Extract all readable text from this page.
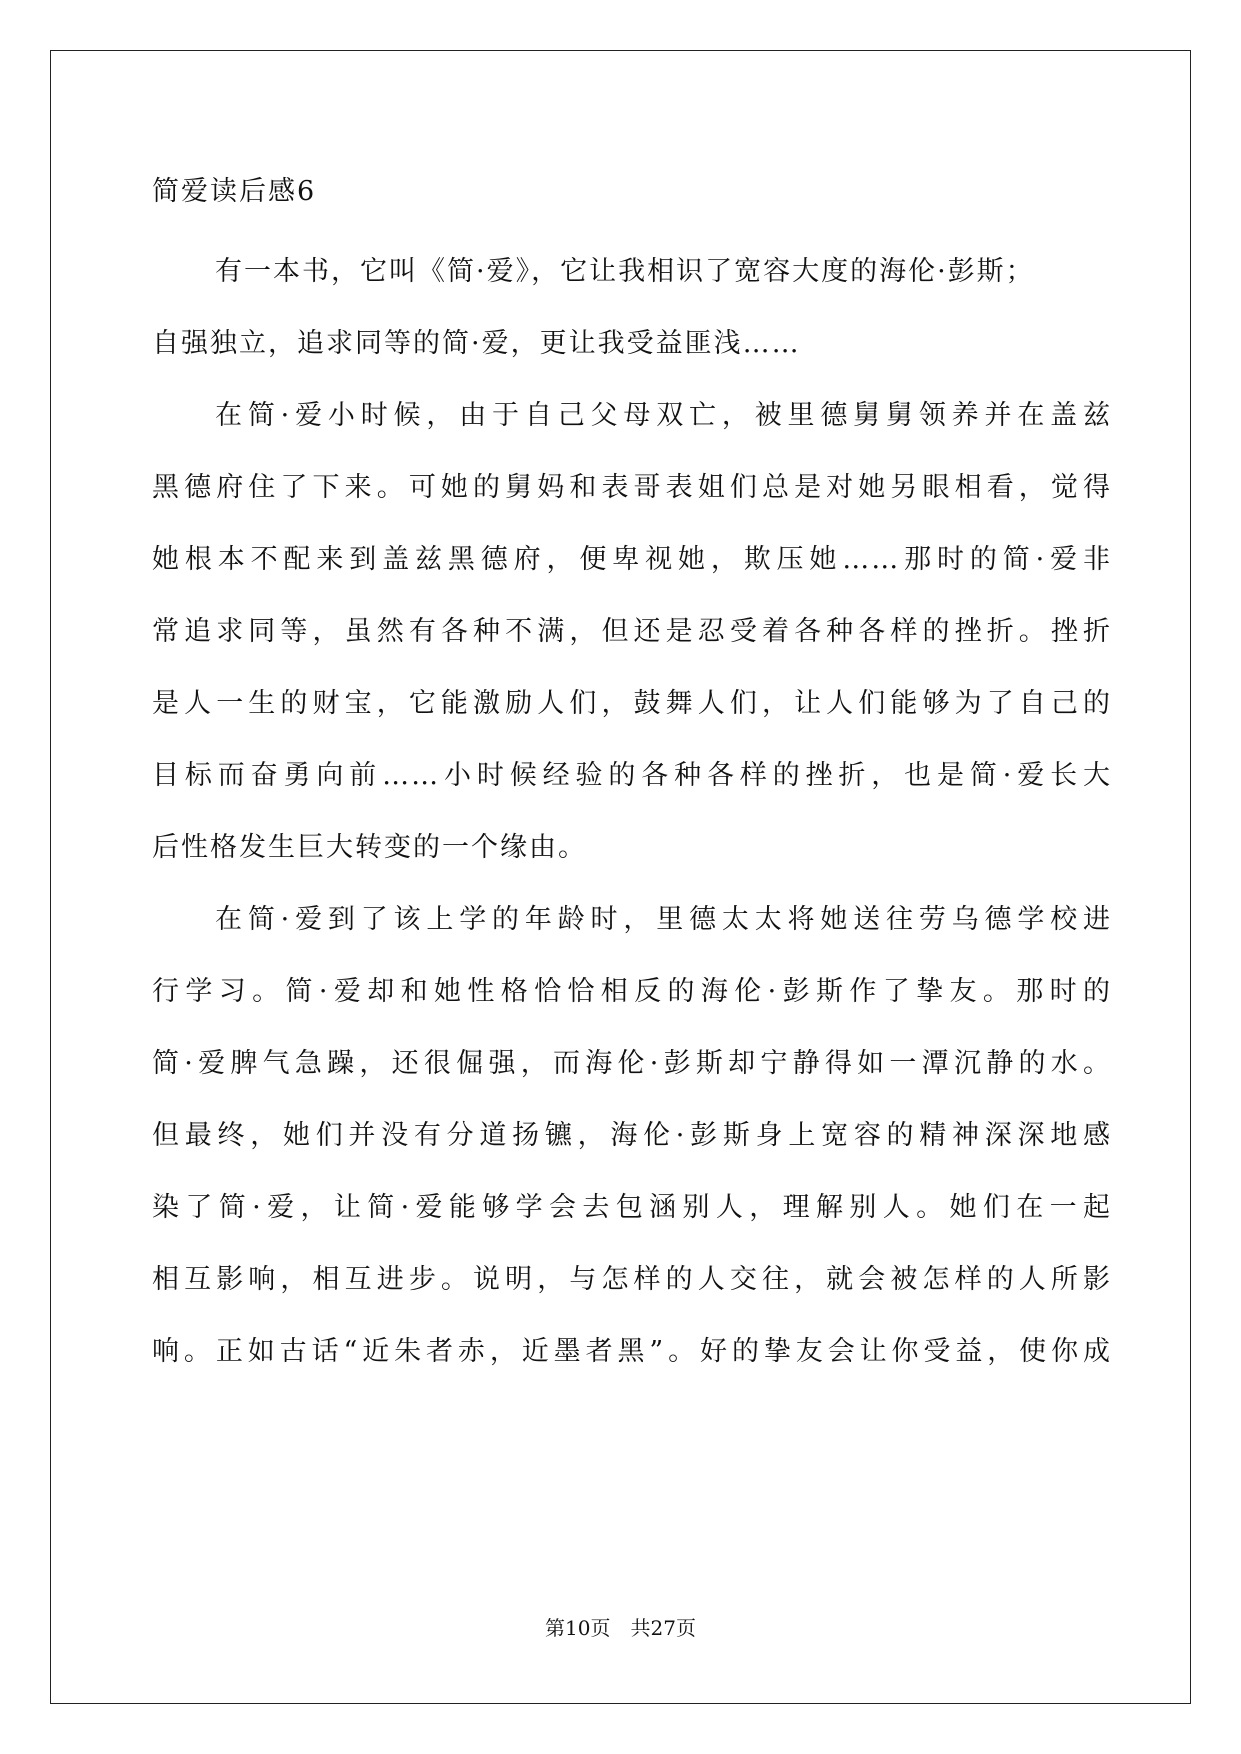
简爱读后感6
有一本书，它叫《简·爱》，它让我相识了宽容大度的海伦·彭斯；
自强独立，追求同等的简·爱，更让我受益匪浅……
在简·爱小时候，由于自己父母双亡，被里德舅舅领养并在盖兹
黑德府住了下来。可她的舅妈和表哥表姐们总是对她另眼相看，觉得
她根本不配来到盖兹黑德府，便卑视她，欺压她……那时的简·爱非
常追求同等，虽然有各种不满，但还是忍受着各种各样的挫折。挫折
是人一生的财宝，它能激励人们，鼓舞人们，让人们能够为了自己的
目标而奋勇向前……小时候经验的各种各样的挫折，也是简·爱长大
后性格发生巨大转变的一个缘由。
在简·爱到了该上学的年龄时，里德太太将她送往劳乌德学校进
行学习。简·爱却和她性格恰恰相反的海伦·彭斯作了挚友。那时的
简·爱脾气急躁，还很倔强，而海伦·彭斯却宁静得如一潭沉静的水。
但最终，她们并没有分道扬镳，海伦·彭斯身上宽容的精神深深地感
染了简·爱，让简·爱能够学会去包涵别人，理解别人。她们在一起
相互影响，相互进步。说明，与怎样的人交往，就会被怎样的人所影
响。正如古话“近朱者赤，近墨者黑”。好的挚友会让你受益，使你成
第10页　共27页
